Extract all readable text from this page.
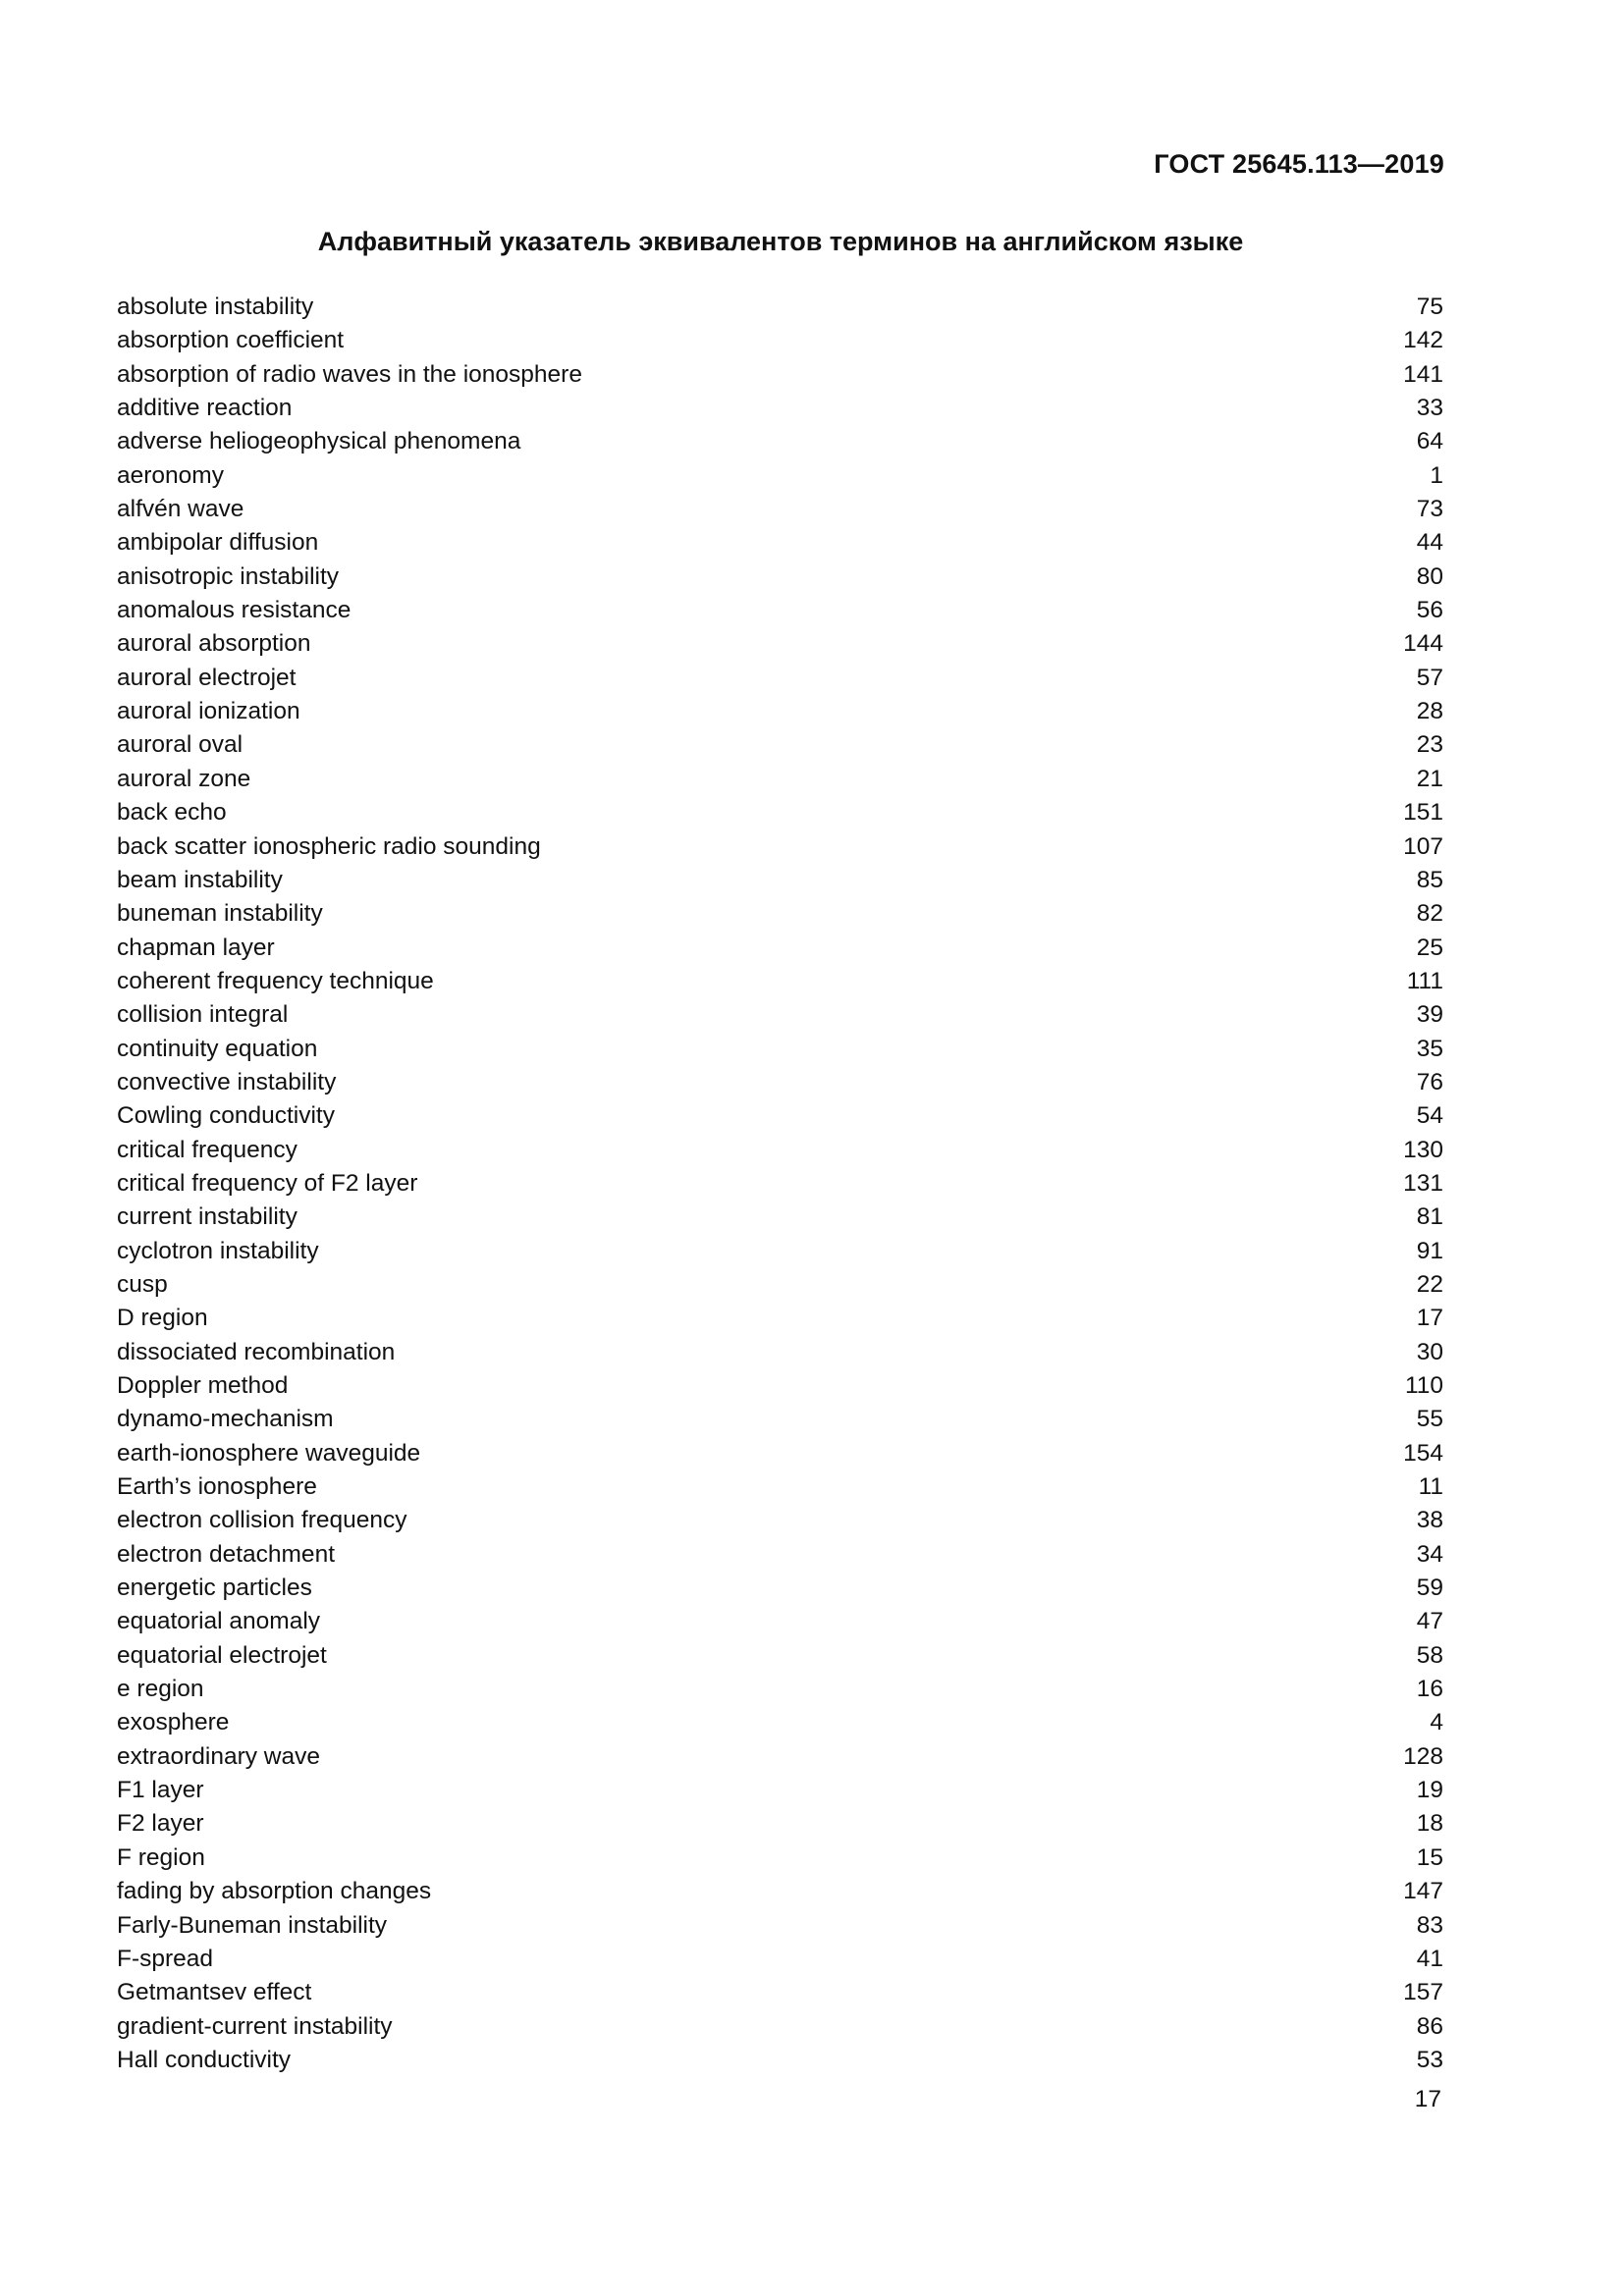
ГОСТ 25645.113—2019
Алфавитный указатель эквивалентов терминов на английском языке
absolute instability	75
absorption coefficient	142
absorption of radio waves in the ionosphere	141
additive reaction	33
adverse heliogeophysical phenomena	64
aeronomy	1
alfvén wave	73
ambipolar diffusion	44
anisotropic instability	80
anomalous resistance	56
auroral absorption	144
auroral electrojet	57
auroral ionization	28
auroral oval	23
auroral zone	21
back echo	151
back scatter ionospheric radio sounding	107
beam instability	85
buneman instability	82
chapman layer	25
coherent frequency technique	111
collision integral	39
continuity equation	35
convective instability	76
Cowling conductivity	54
critical frequency	130
critical frequency of F2 layer	131
current instability	81
cyclotron instability	91
cusp	22
D region	17
dissociated recombination	30
Doppler method	110
dynamo-mechanism	55
earth-ionosphere waveguide	154
Earth’s ionosphere	11
electron collision frequency	38
electron detachment	34
energetic particles	59
equatorial anomaly	47
equatorial electrojet	58
e region	16
exosphere	4
extraordinary wave	128
F1 layer	19
F2 layer	18
F region	15
fading by absorption changes	147
Farly-Buneman instability	83
F-spread	41
Getmantsev effect	157
gradient-current instability	86
Hall conductivity	53
17
